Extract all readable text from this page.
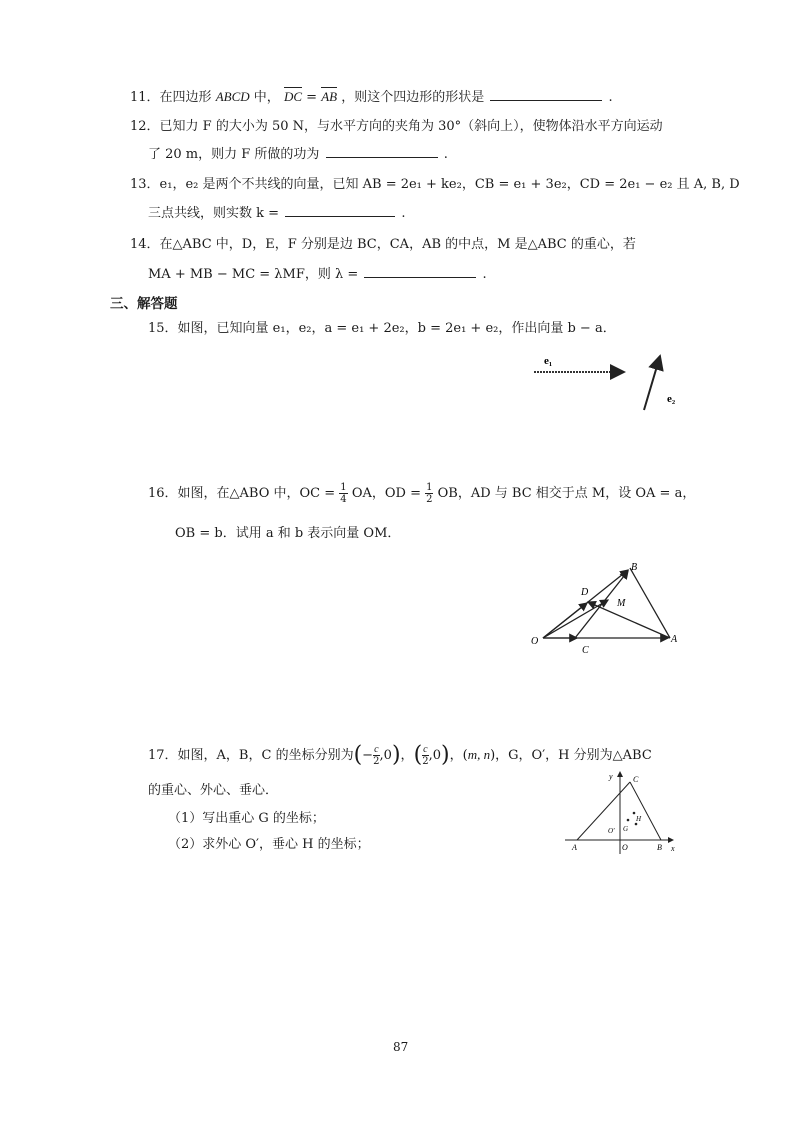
11．在四边形 ABCD 中， DC = AB ，则这个四边形的形状是	.
12．已知力 F 的大小为 50 N，与水平方向的夹角为 30°（斜向上），使物体沿水平方向运动
了 20 m，则力 F 所做的功为	.
13．e₁，e₂ 是两个不共线的向量，已知 AB = 2e₁ + ke₂，CB = e₁ + 3e₂，CD = 2e₁ − e₂ 且 A, B, D
三点共线，则实数 k =	.
14．在△ABC 中，D，E，F 分别是边 BC，CA，AB 的中点，M 是△ABC 的重心，若
MA + MB − MC = λMF，则 λ =	.
三、解答题
15．如图，已知向量 e₁，e₂，a = e₁ + 2e₂，b = 2e₁ + e₂，作出向量 b − a．
e₁
e₂
16．如图，在△ABO 中，OC = $\frac{1}{4}$ OA，OD = $\frac{1}{2}$ OB，AD 与 BC 相交于点 M，设 OA = a，
OB = b．试用 a 和 b 表示向量 OM．
O	A
B
C
D
M
17．如图，A，B，C 的坐标分别为(− $\frac{c}{2} ,0$)，( $\frac{c}{2} ,0$)，(m, n)，G，O′，H 分别为△ABC
的重心、外心、垂心．
（1）写出重心 G 的坐标；
（2）求外心 O′，垂心 H 的坐标；
y
x
A	B
C
O
O′ G
H
87
